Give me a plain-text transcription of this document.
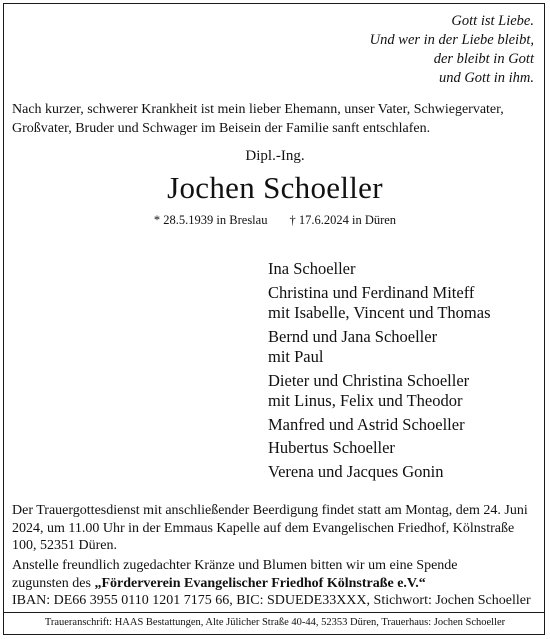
Gott ist Liebe.
Und wer in der Liebe bleibt,
der bleibt in Gott
und Gott in ihm.
Nach kurzer, schwerer Krankheit ist mein lieber Ehemann, unser Vater, Schwiegervater, Großvater, Bruder und Schwager im Beisein der Familie sanft entschlafen.
Dipl.-Ing.
Jochen Schoeller
* 28.5.1939 in Breslau † 17.6.2024 in Düren
Ina Schoeller
Christina und Ferdinand Miteff
mit Isabelle, Vincent und Thomas
Bernd und Jana Schoeller
mit Paul
Dieter und Christina Schoeller
mit Linus, Felix und Theodor
Manfred und Astrid Schoeller
Hubertus Schoeller
Verena und Jacques Gonin
Der Trauergottesdienst mit anschließender Beerdigung findet statt am Montag, dem 24. Juni 2024, um 11.00 Uhr in der Emmaus Kapelle auf dem Evangelischen Friedhof, Kölnstraße 100, 52351 Düren.
Anstelle freundlich zugedachter Kränze und Blumen bitten wir um eine Spende
zugunsten des „Förderverein Evangelischer Friedhof Kölnstraße e.V.“
IBAN: DE66 3955 0110 1201 7175 66, BIC: SDUEDE33XXX, Stichwort: Jochen Schoeller
Traueranschrift: HAAS Bestattungen, Alte Jülicher Straße 40-44, 52353 Düren, Trauerhaus: Jochen Schoeller
